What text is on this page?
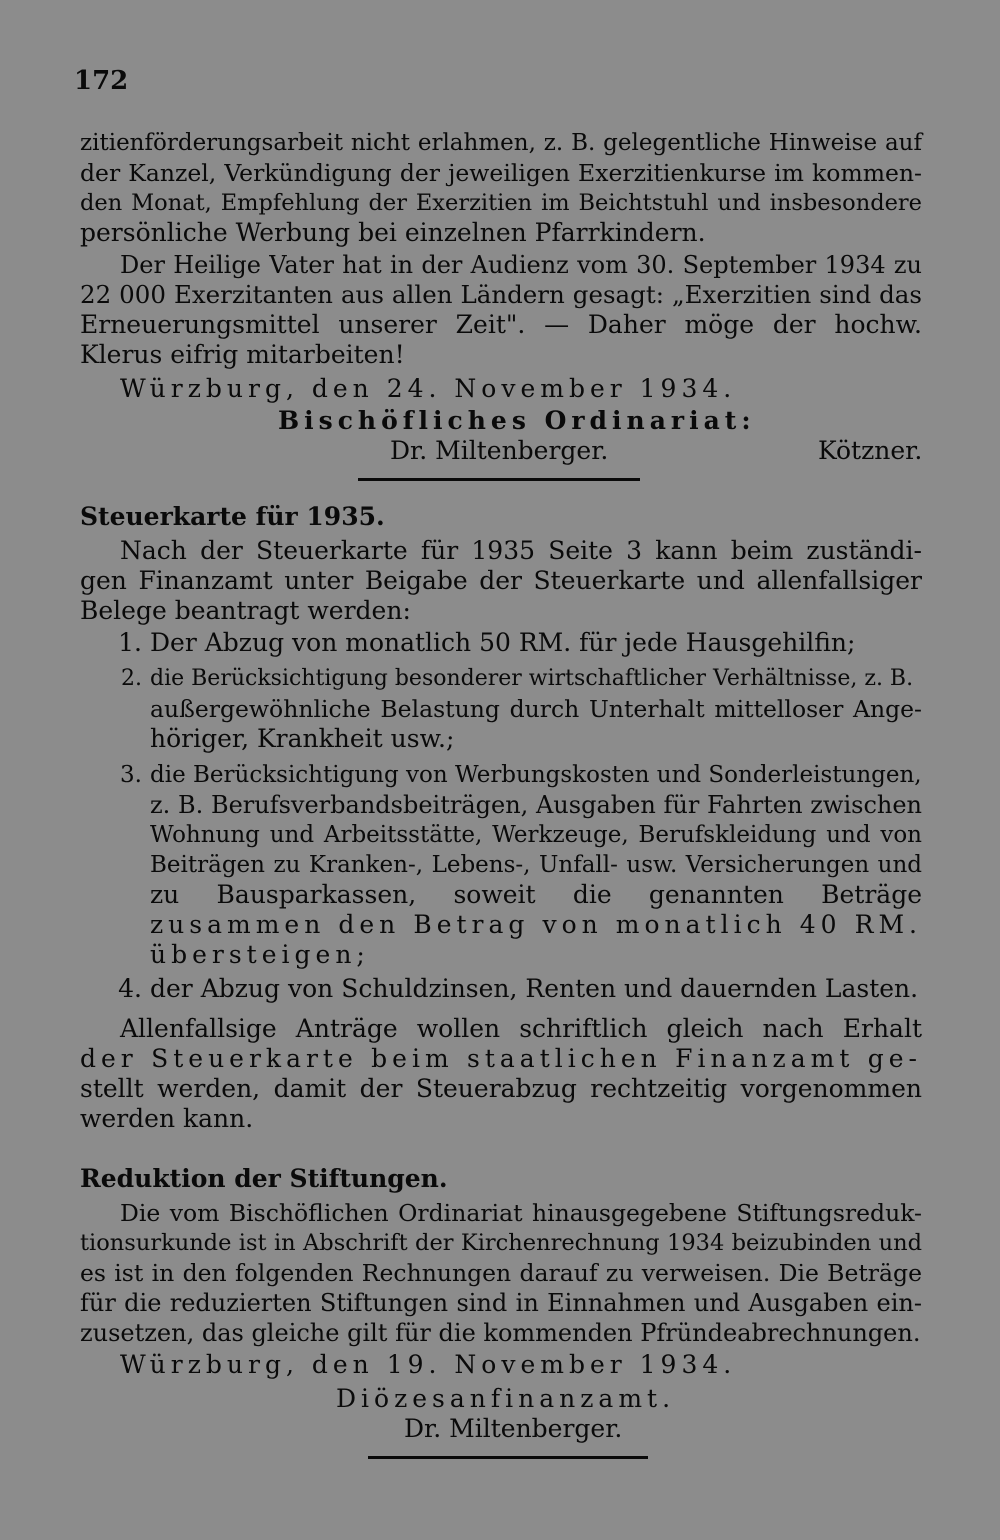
172
zitienförderungsarbeit nicht erlahmen, z. B. gelegentliche Hinweise auf
der Kanzel, Verkündigung der jeweiligen Exerzitienkurse im kommen-
den Monat, Empfehlung der Exerzitien im Beichtstuhl und insbesondere
persönliche Werbung bei einzelnen Pfarrkindern.
Der Heilige Vater hat in der Audienz vom 30. September 1934 zu
22 000 Exerzitanten aus allen Ländern gesagt: „Exerzitien sind das
Erneuerungsmittel unserer Zeit". — Daher möge der hochw.
Klerus eifrig mitarbeiten!
Würzburg, den 24. November 1934.
Bischöfliches Ordinariat:
Dr. Miltenberger.	Kötzner.
Steuerkarte für 1935.
Nach der Steuerkarte für 1935 Seite 3 kann beim zuständi-
gen Finanzamt unter Beigabe der Steuerkarte und allenfallsiger
Belege beantragt werden:
1. Der Abzug von monatlich 50 RM. für jede Hausgehilfin;
2. die Berücksichtigung besonderer wirtschaftlicher Verhältnisse, z. B.
außergewöhnliche Belastung durch Unterhalt mittelloser Ange-
höriger, Krankheit usw.;
3. die Berücksichtigung von Werbungskosten und Sonderleistungen,
z. B. Berufsverbandsbeiträgen, Ausgaben für Fahrten zwischen
Wohnung und Arbeitsstätte, Werkzeuge, Berufskleidung und von
Beiträgen zu Kranken-, Lebens-, Unfall- usw. Versicherungen und
zu Bausparkassen, soweit die genannten Beträge
zusammen den Betrag von monatlich 40 RM.
übersteigen;
4. der Abzug von Schuldzinsen, Renten und dauernden Lasten.
Allenfallsige Anträge wollen schriftlich gleich nach Erhalt
der Steuerkarte beim staatlichen Finanzamt ge-
stellt werden, damit der Steuerabzug rechtzeitig vorgenommen
werden kann.
Reduktion der Stiftungen.
Die vom Bischöflichen Ordinariat hinausgegebene Stiftungsreduk-
tionsurkunde ist in Abschrift der Kirchenrechnung 1934 beizubinden und
es ist in den folgenden Rechnungen darauf zu verweisen. Die Beträge
für die reduzierten Stiftungen sind in Einnahmen und Ausgaben ein-
zusetzen, das gleiche gilt für die kommenden Pfründeabrechnungen.
Würzburg, den 19. November 1934.
Diözesanfinanzamt.
Dr. Miltenberger.
